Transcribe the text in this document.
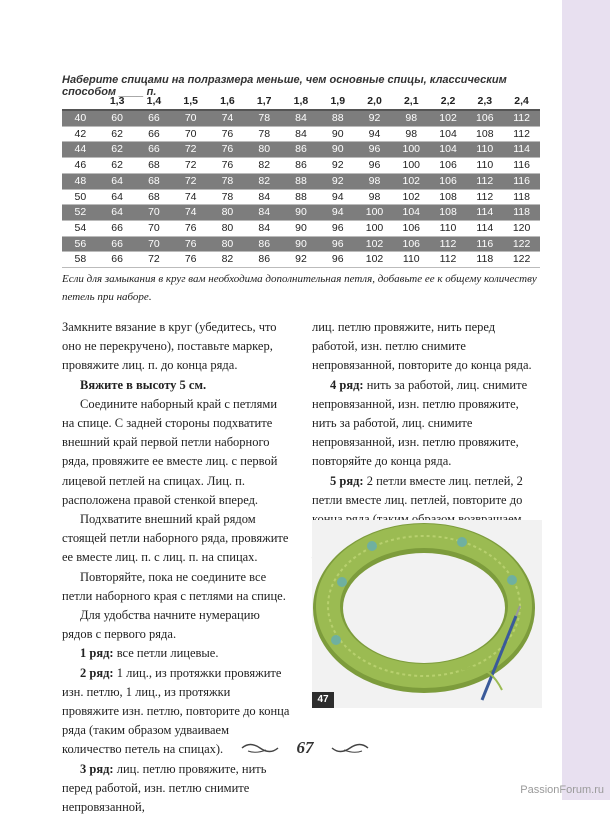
Наберите спицами на полразмера меньше, чем основные спицы, классическим способом ____ п.
	1,3	1,4	1,5	1,6	1,7	1,8	1,9	2,0	2,1	2,2	2,3	2,4
40	60	66	70	74	78	84	88	92	98	102	106	112
42	62	66	70	76	78	84	90	94	98	104	108	112
44	62	66	72	76	80	86	90	96	100	104	110	114
46	62	68	72	76	82	86	92	96	100	106	110	116
48	64	68	72	78	82	88	92	98	102	106	112	116
50	64	68	74	78	84	88	94	98	102	108	112	118
52	64	70	74	80	84	90	94	100	104	108	114	118
54	66	70	76	80	84	90	96	100	106	110	114	120
56	66	70	76	80	86	90	96	102	106	112	116	122
58	66	72	76	82	86	92	96	102	110	112	118	122
Если для замыкания в круг вам необходима дополнительная петля, добавьте ее к общему количеству петель при наборе.

Замкните вязание в круг (убедитесь, что оно не перекручено), поставьте маркер, провяжите лиц. п. до конца ряда.

Вяжите в высоту 5 см.

Соедините наборный край с петлями на спице. С задней стороны подхватите внешний край первой петли наборного ряда, провяжите ее вместе лиц. с первой лицевой петлей на спицах. Лиц. п. расположена правой стенкой вперед.

Подхватите внешний край рядом стоящей петли наборного ряда, провяжите ее вместе лиц. п. с лиц. п. на спицах.

Повторяйте, пока не соедините все петли наборного края с петлями на спице.

Для удобства начните нумерацию рядов с первого ряда.

1 ряд: все петли лицевые.

2 ряд: 1 лиц., из протяжки провяжите изн. петлю, 1 лиц., из протяжки провяжите изн. петлю, повторите до конца ряда (таким образом удваиваем количество петель на спицах).

3 ряд: лиц. петлю провяжите, нить перед работой, изн. петлю снимите непровязанной,

лиц. петлю провяжите, нить перед работой, изн. петлю снимите непровязанной, повторите до конца ряда.

4 ряд: нить за работой, лиц. снимите непровязанной, изн. петлю провяжите, нить за работой, лиц. снимите непровязанной, изн. петлю провяжите, повторяйте до конца ряда.

5 ряд: 2 петли вместе лиц. петлей, 2 петли вместе лиц. петлей, повторите до

47
67
PassionForum.ru
